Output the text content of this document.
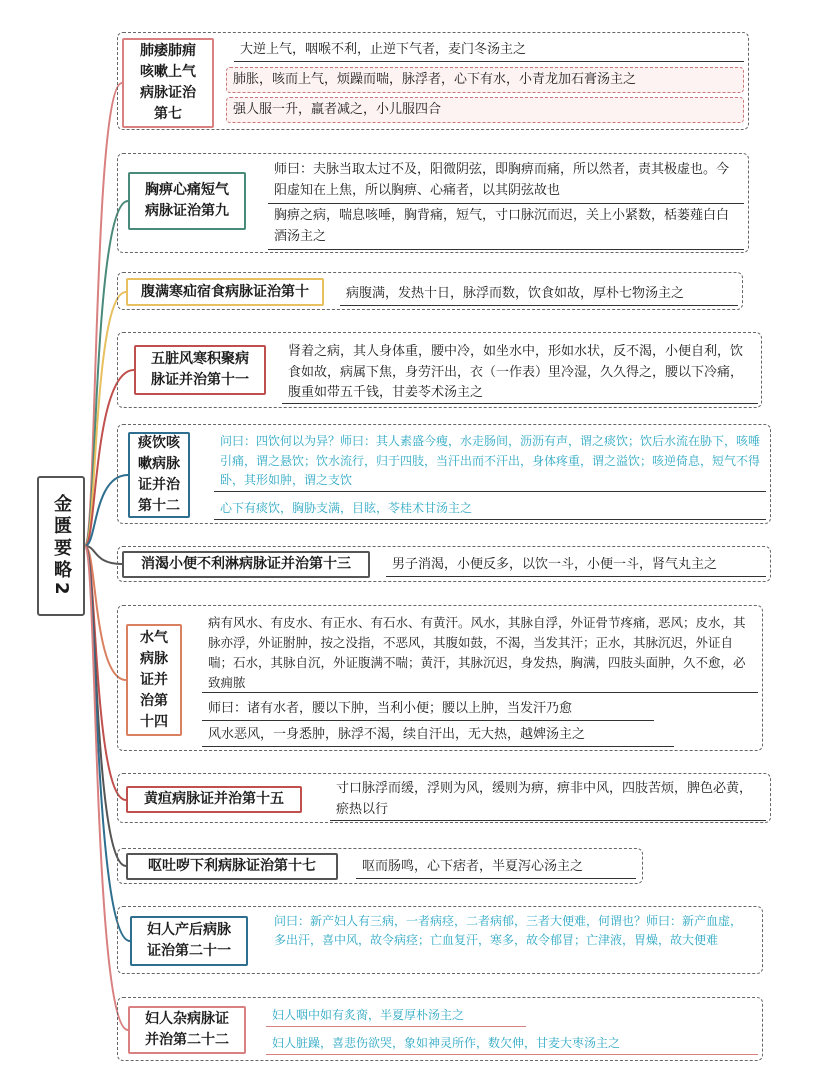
金匮要略2
肺痿肺痈
咳嗽上气
病脉证治
第七
大逆上气，咽喉不利，止逆下气者，麦门冬汤主之
肺胀，咳而上气，烦躁而喘，脉浮者，心下有水，小青龙加石膏汤主之
强人服一升，羸者减之，小儿服四合
胸痹心痛短气
病脉证治第九
师曰：夫脉当取太过不及，阳微阴弦，即胸痹而痛，所以然者，责其极虚也。今阳虚知在上焦，所以胸痹、心痛者，以其阴弦故也
胸痹之病，喘息咳唾，胸背痛，短气，寸口脉沉而迟，关上小紧数，栝蒌薤白白酒汤主之
腹满寒疝宿食病脉证治第十	病腹满，发热十日，脉浮而数，饮食如故，厚朴七物汤主之
五脏风寒积聚病
脉证并治第十一
肾着之病，其人身体重，腰中冷，如坐水中，形如水状，反不渴，小便自利，饮食如故，病属下焦，身劳汗出，衣（一作表）里冷湿，久久得之，腰以下冷痛，腹重如带五千钱，甘姜苓术汤主之
痰饮咳
嗽病脉
证并治
第十二
问曰：四饮何以为异？师曰：其人素盛今瘦，水走肠间，沥沥有声，谓之痰饮；饮后水流在胁下，咳唾引痛，谓之悬饮；饮水流行，归于四肢，当汗出而不汗出，身体疼重，谓之溢饮；咳逆倚息，短气不得卧，其形如肿，谓之支饮
心下有痰饮，胸胁支满，目眩，苓桂术甘汤主之
消渴小便不利淋病脉证并治第十三	男子消渴，小便反多，以饮一斗，小便一斗，肾气丸主之
水气
病脉
证并
治第
十四
病有风水、有皮水、有正水、有石水、有黄汗。风水，其脉自浮，外证骨节疼痛，恶风；皮水，其脉亦浮，外证胕肿，按之没指，不恶风，其腹如鼓，不渴，当发其汗；正水，其脉沉迟，外证自喘；石水，其脉自沉，外证腹满不喘；黄汗，其脉沉迟，身发热，胸满，四肢头面肿，久不愈，必致痈脓
师曰：诸有水者，腰以下肿，当利小便；腰以上肿，当发汗乃愈
风水恶风，一身悉肿，脉浮不渴，续自汗出，无大热，越婢汤主之
黄疸病脉证并治第十五
寸口脉浮而缓，浮则为风，缓则为痹，痹非中风，四肢苦烦，脾色必黄，瘀热以行
呕吐哕下利病脉证治第十七	呕而肠鸣，心下痞者，半夏泻心汤主之
妇人产后病脉
证治第二十一
问曰：新产妇人有三病，一者病痉，二者病郁，三者大便难，何谓也？师曰：新产血虚，多出汗，喜中风，故令病痉；亡血复汗，寒多，故令郁冒；亡津液，胃燥，故大便难
妇人杂病脉证
并治第二十二
妇人咽中如有炙脔，半夏厚朴汤主之
妇人脏躁，喜悲伤欲哭，象如神灵所作，数欠伸，甘麦大枣汤主之
